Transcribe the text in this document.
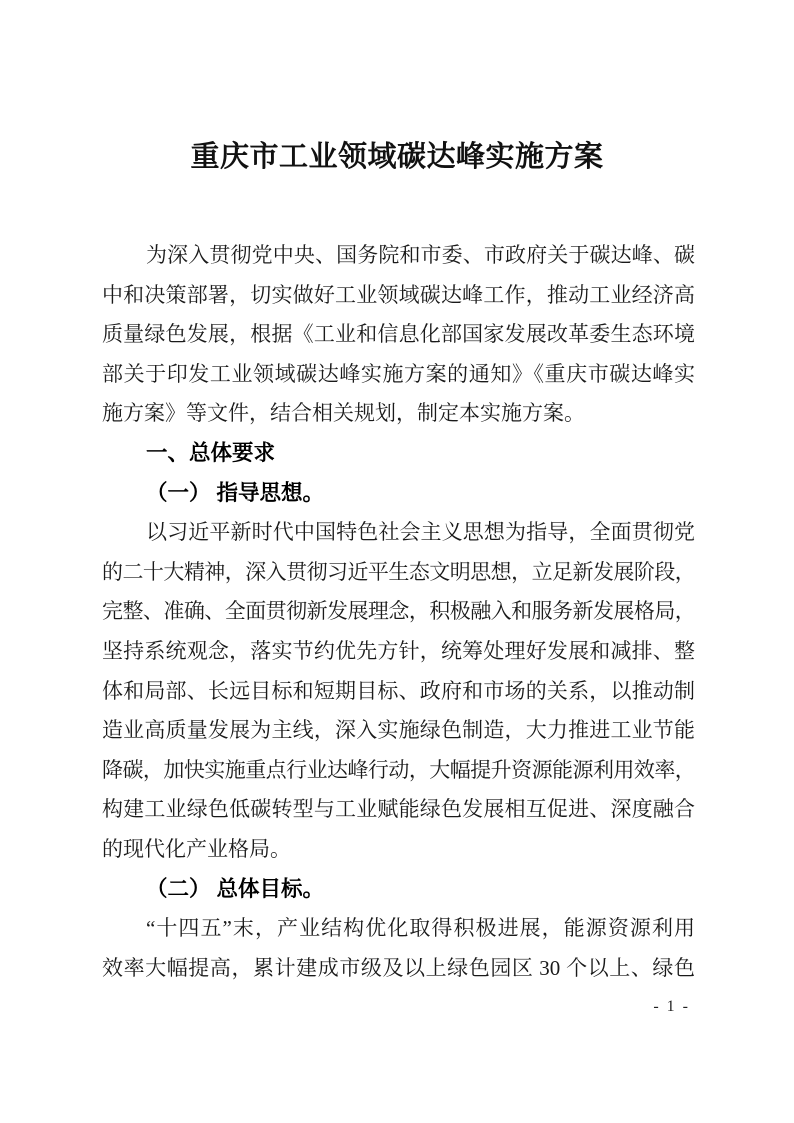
重庆市工业领域碳达峰实施方案
为深入贯彻党中央、国务院和市委、市政府关于碳达峰、碳
中和决策部署，切实做好工业领域碳达峰工作，推动工业经济高
质量绿色发展，根据《工业和信息化部国家发展改革委生态环境
部关于印发工业领域碳达峰实施方案的通知》《重庆市碳达峰实
施方案》等文件，结合相关规划，制定本实施方案。
一、总体要求
（一） 指导思想。
以习近平新时代中国特色社会主义思想为指导，全面贯彻党
的二十大精神，深入贯彻习近平生态文明思想，立足新发展阶段，
完整、准确、全面贯彻新发展理念，积极融入和服务新发展格局，
坚持系统观念，落实节约优先方针，统筹处理好发展和减排、整
体和局部、长远目标和短期目标、政府和市场的关系，以推动制
造业高质量发展为主线，深入实施绿色制造，大力推进工业节能
降碳，加快实施重点行业达峰行动，大幅提升资源能源利用效率，
构建工业绿色低碳转型与工业赋能绿色发展相互促进、深度融合
的现代化产业格局。
（二） 总体目标。
“十四五”末，产业结构优化取得积极进展，能源资源利用
效率大幅提高，累计建成市级及以上绿色园区 30 个以上、绿色
- 1 -
